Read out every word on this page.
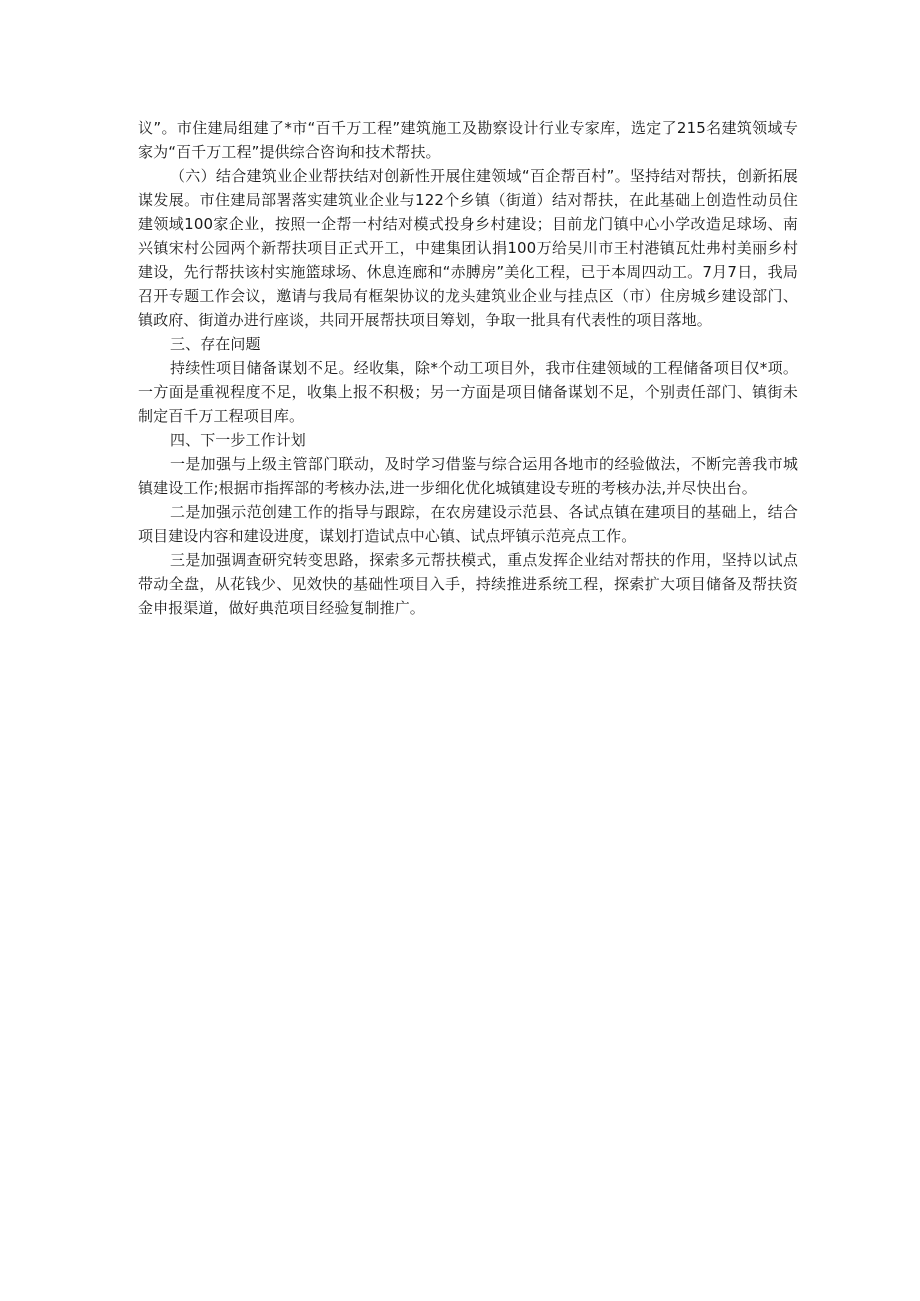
议”。市住建局组建了*市“百千万工程”建筑施工及勘察设计行业专家库，选定了215名建筑领域专家为“百千万工程”提供综合咨询和技术帮扶。

（六）结合建筑业企业帮扶结对创新性开展住建领域“百企帮百村”。坚持结对帮扶，创新拓展谋发展。市住建局部署落实建筑业企业与122个乡镇（街道）结对帮扶，在此基础上创造性动员住建领域100家企业，按照一企帮一村结对模式投身乡村建设；目前龙门镇中心小学改造足球场、南兴镇宋村公园两个新帮扶项目正式开工，中建集团认捐100万给吴川市王村港镇瓦灶弗村美丽乡村建设，先行帮扶该村实施篮球场、休息连廊和“赤膊房”美化工程，已于本周四动工。7月7日，我局召开专题工作会议，邀请与我局有框架协议的龙头建筑业企业与挂点区（市）住房城乡建设部门、镇政府、街道办进行座谈，共同开展帮扶项目筹划，争取一批具有代表性的项目落地。

三、存在问题

持续性项目储备谋划不足。经收集，除*个动工项目外，我市住建领域的工程储备项目仅*项。一方面是重视程度不足，收集上报不积极；另一方面是项目储备谋划不足，个别责任部门、镇街未制定百千万工程项目库。

四、下一步工作计划

一是加强与上级主管部门联动，及时学习借鉴与综合运用各地市的经验做法，不断完善我市城镇建设工作;根据市指挥部的考核办法,进一步细化优化城镇建设专班的考核办法,并尽快出台。

二是加强示范创建工作的指导与跟踪，在农房建设示范县、各试点镇在建项目的基础上，结合项目建设内容和建设进度，谋划打造试点中心镇、试点坪镇示范亮点工作。

三是加强调查研究转变思路，探索多元帮扶模式，重点发挥企业结对帮扶的作用，坚持以试点带动全盘，从花钱少、见效快的基础性项目入手，持续推进系统工程，探索扩大项目储备及帮扶资金申报渠道，做好典范项目经验复制推广。
